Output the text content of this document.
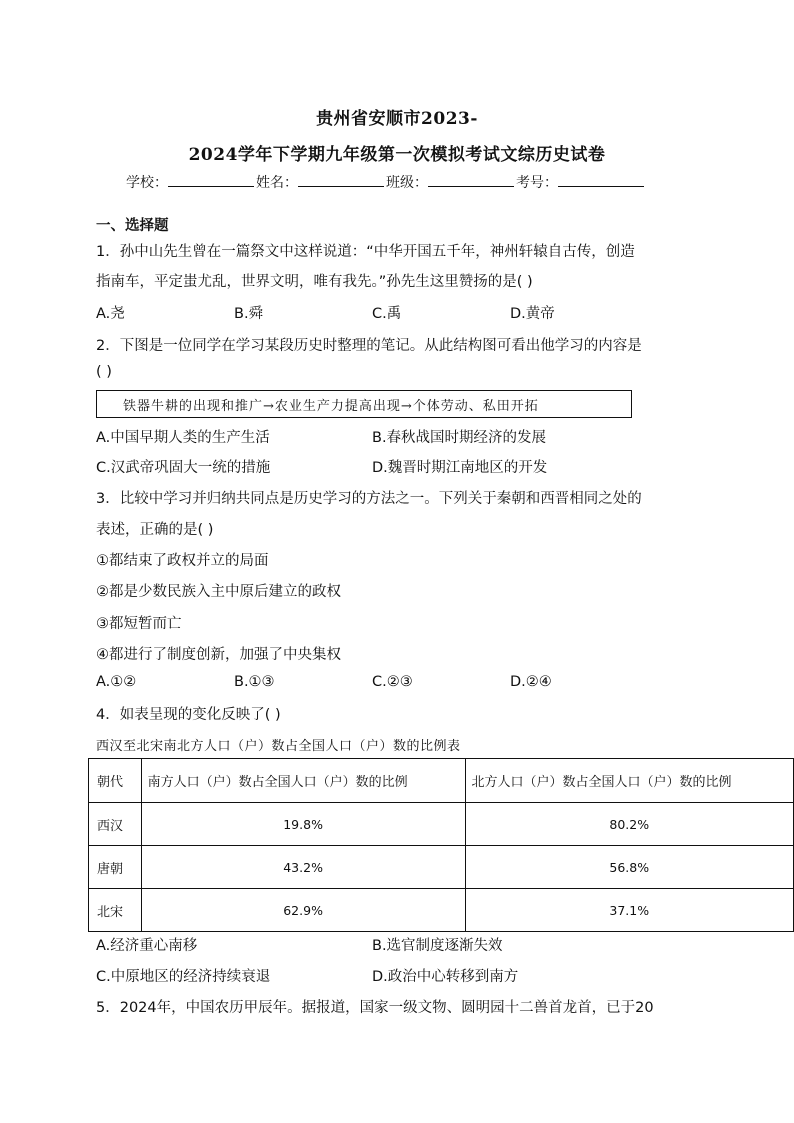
贵州省安顺市2023-
2024学年下学期九年级第一次模拟考试文综历史试卷
学校：	姓名：	班级：	考号：
一、选择题
1．孙中山先生曾在一篇祭文中这样说道：“中华开国五千年，神州轩辕自古传，创造
指南车，平定蚩尤乱，世界文明，唯有我先。”孙先生这里赞扬的是( )
A.尧	B.舜	C.禹	D.黄帝
2．下图是一位同学在学习某段历史时整理的笔记。从此结构图可看出他学习的内容是
( )
铁器牛耕的出现和推广→农业生产力提高出现→个体劳动、私田开拓
A.中国早期人类的生产生活	B.春秋战国时期经济的发展
C.汉武帝巩固大一统的措施	D.魏晋时期江南地区的开发
3．比较中学习并归纳共同点是历史学习的方法之一。下列关于秦朝和西晋相同之处的
表述，正确的是( )
①都结束了政权并立的局面
②都是少数民族入主中原后建立的政权
③都短暂而亡
④都进行了制度创新，加强了中央集权
A.①②	B.①③	C.②③	D.②④
4．如表呈现的变化反映了( )
西汉至北宋南北方人口（户）数占全国人口（户）数的比例表
朝代	南方人口（户）数占全国人口（户）数的比例	北方人口（户）数占全国人口（户）数的比例
西汉	19.8%	80.2%
唐朝	43.2%	56.8%
北宋	62.9%	37.1%
A.经济重心南移	B.选官制度逐渐失效
C.中原地区的经济持续衰退	D.政治中心转移到南方
5．2024年，中国农历甲辰年。据报道，国家一级文物、圆明园十二兽首龙首，已于20
